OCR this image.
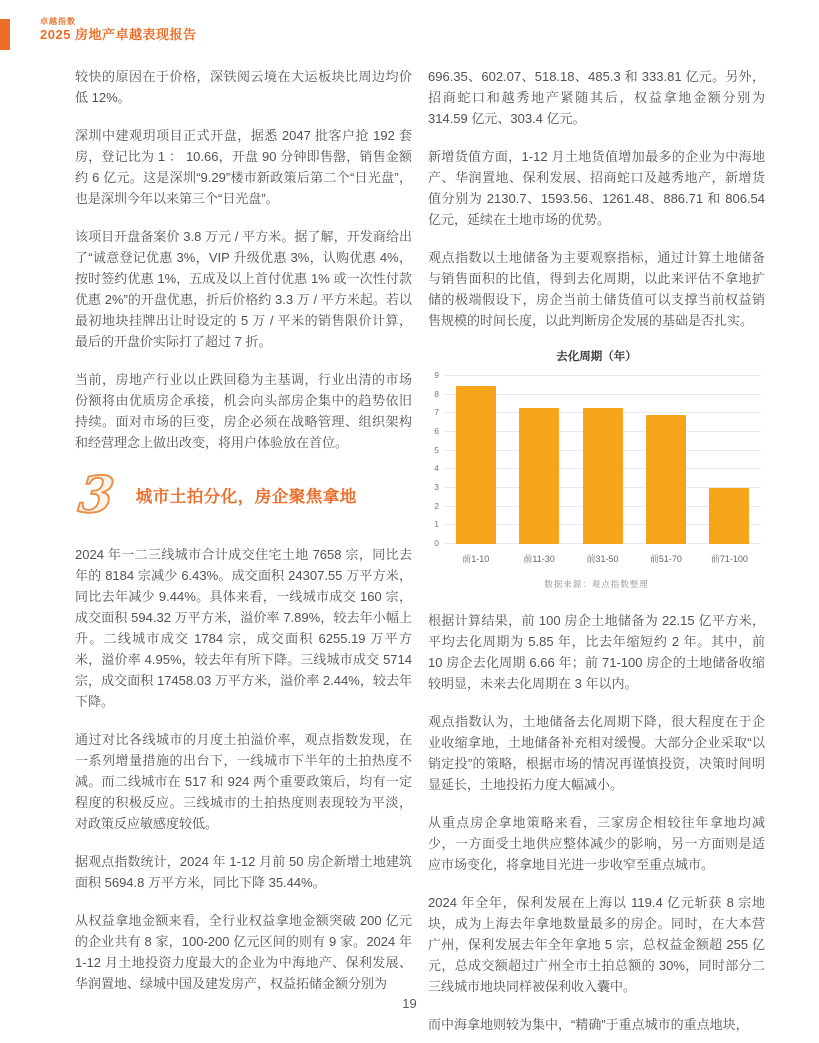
卓越指数
2025 房地产卓越表现报告

较快的原因在于价格，深铁阅云境在大运板块比周边均价低 12%。

深圳中建观玥项目正式开盘，据悉 2047 批客户抢 192 套房，登记比为 1 ： 10.66，开盘 90 分钟即售罄，销售金额约 6 亿元。这是深圳“9.29”楼市新政策后第二个“日光盘”，也是深圳今年以来第三个“日光盘”。

该项目开盘备案价 3.8 万元 / 平方米。据了解，开发商给出了“诚意登记优惠 3%，VIP 升级优惠 3%，认购优惠 4%，按时签约优惠 1%，五成及以上首付优惠 1% 或一次性付款优惠 2%”的开盘优惠，折后价格约 3.3 万 / 平方米起。若以最初地块挂牌出让时设定的 5 万 / 平米的销售限价计算，最后的开盘价实际打了超过 7 折。

当前，房地产行业以止跌回稳为主基调，行业出清的市场份额将由优质房企承接，机会向头部房企集中的趋势依旧持续。面对市场的巨变，房企必须在战略管理、组织架构和经营理念上做出改变，将用户体验放在首位。

3 城市土拍分化，房企聚焦拿地

2024 年一二三线城市合计成交住宅土地 7658 宗，同比去年的 8184 宗减少 6.43%。成交面积 24307.55 万平方米，同比去年减少 9.44%。具体来看，一线城市成交 160 宗，成交面积 594.32 万平方米，溢价率 7.89%，较去年小幅上升。二线城市成交 1784 宗，成交面积 6255.19 万平方米，溢价率 4.95%，较去年有所下降。三线城市成交 5714 宗，成交面积 17458.03 万平方米，溢价率 2.44%，较去年下降。

通过对比各线城市的月度土拍溢价率，观点指数发现，在一系列增量措施的出台下，一线城市下半年的土拍热度不减。而二线城市在 517 和 924 两个重要政策后，均有一定程度的积极反应。三线城市的土拍热度则表现较为平淡，对政策反应敏感度较低。

据观点指数统计，2024 年 1-12 月前 50 房企新增土地建筑面积 5694.8 万平方米，同比下降 35.44%。

从权益拿地金额来看，全行业权益拿地金额突破 200 亿元的企业共有 8 家，100-200 亿元区间的则有 9 家。2024 年 1-12 月土地投资力度最大的企业为中海地产、保利发展、华润置地、绿城中国及建发房产，权益拓储金额分别为

696.35、602.07、518.18、485.3 和 333.81 亿元。另外，招商蛇口和越秀地产紧随其后，权益拿地金额分别为 314.59 亿元、303.4 亿元。

新增货值方面，1-12 月土地货值增加最多的企业为中海地产、华润置地、保利发展、招商蛇口及越秀地产，新增货值分别为 2130.7、1593.56、1261.48、886.71 和 806.54 亿元，延续在土地市场的优势。

观点指数以土地储备为主要观察指标，通过计算土地储备与销售面积的比值，得到去化周期，以此来评估不拿地扩储的极端假设下，房企当前土储货值可以支撑当前权益销售规模的时间长度，以此判断房企发展的基础是否扎实。

去化周期（年）
0
1
2
3
4
5
6
7
8
9
前1-10	前11-30	前31-50	前51-70	前71-100
数据来源：观点指数整理

根据计算结果，前 100 房企土地储备为 22.15 亿平方米，平均去化周期为 5.85 年，比去年缩短约 2 年。其中，前 10 房企去化周期 6.66 年；前 71-100 房企的土地储备收缩较明显，未来去化周期在 3 年以内。

观点指数认为，土地储备去化周期下降，很大程度在于企业收缩拿地，土地储备补充相对缓慢。大部分企业采取“以销定投”的策略，根据市场的情况再谨慎投资，决策时间明显延长，土地投拓力度大幅减小。

从重点房企拿地策略来看，三家房企相较往年拿地均减少，一方面受土地供应整体减少的影响，另一方面则是适应市场变化，将拿地目光进一步收窄至重点城市。

2024 年全年，保利发展在上海以 119.4 亿元斩获 8 宗地块，成为上海去年拿地数量最多的房企。同时，在大本营广州，保利发展去年全年拿地 5 宗，总权益金额超 255 亿元，总成交额超过广州全市土拍总额的 30%，同时部分二三线城市地块同样被保利收入囊中。

而中海拿地则较为集中，“精确”于重点城市的重点地块，

19
